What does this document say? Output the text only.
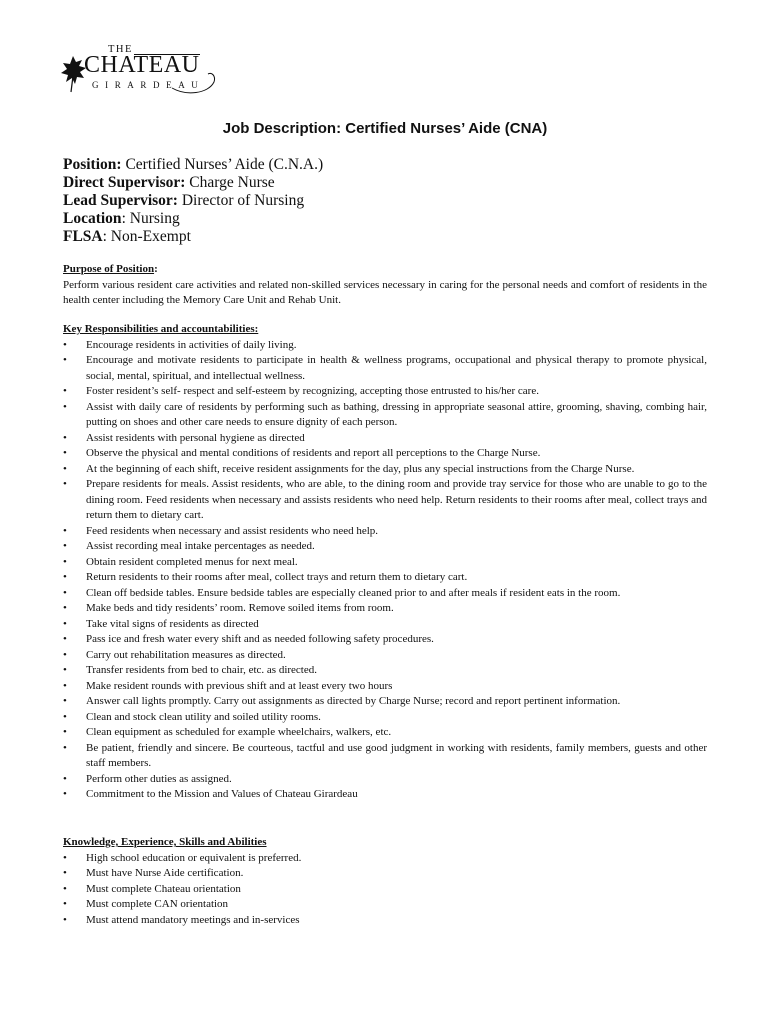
THE
CHATEAU
GIRARDEAU
Job Description: Certified Nurses’ Aide (CNA)
Position: Certified Nurses’ Aide (C.N.A.)
Direct Supervisor: Charge Nurse
Lead Supervisor: Director of Nursing
Location: Nursing
FLSA: Non-Exempt
Purpose of Position:
Perform various resident care activities and related non-skilled services necessary in caring for the personal needs and comfort of residents in the health center including the Memory Care Unit and Rehab Unit.
Key Responsibilities and accountabilities:
• Encourage residents in activities of daily living.
• Encourage and motivate residents to participate in health & wellness programs, occupational and physical therapy to promote physical, social, mental, spiritual, and intellectual wellness.
• Foster resident’s self- respect and self-esteem by recognizing, accepting those entrusted to his/her care.
• Assist with daily care of residents by performing such as bathing, dressing in appropriate seasonal attire, grooming, shaving, combing hair, putting on shoes and other care needs to ensure dignity of each person.
• Assist residents with personal hygiene as directed
• Observe the physical and mental conditions of residents and report all perceptions to the Charge Nurse.
• At the beginning of each shift, receive resident assignments for the day, plus any special instructions from the Charge Nurse.
• Prepare residents for meals. Assist residents, who are able, to the dining room and provide tray service for those who are unable to go to the dining room. Feed residents when necessary and assists residents who need help. Return residents to their rooms after meal, collect trays and return them to dietary cart.
• Feed residents when necessary and assist residents who need help.
• Assist recording meal intake percentages as needed.
• Obtain resident completed menus for next meal.
• Return residents to their rooms after meal, collect trays and return them to dietary cart.
• Clean off bedside tables. Ensure bedside tables are especially cleaned prior to and after meals if resident eats in the room.
• Make beds and tidy residents’ room. Remove soiled items from room.
• Take vital signs of residents as directed
• Pass ice and fresh water every shift and as needed following safety procedures.
• Carry out rehabilitation measures as directed.
• Transfer residents from bed to chair, etc. as directed.
• Make resident rounds with previous shift and at least every two hours
• Answer call lights promptly. Carry out assignments as directed by Charge Nurse; record and report pertinent information.
• Clean and stock clean utility and soiled utility rooms.
• Clean equipment as scheduled for example wheelchairs, walkers, etc.
• Be patient, friendly and sincere. Be courteous, tactful and use good judgment in working with residents, family members, guests and other staff members.
• Perform other duties as assigned.
• Commitment to the Mission and Values of Chateau Girardeau
Knowledge, Experience, Skills and Abilities
• High school education or equivalent is preferred.
• Must have Nurse Aide certification.
• Must complete Chateau orientation
• Must complete CAN orientation
• Must attend mandatory meetings and in-services
